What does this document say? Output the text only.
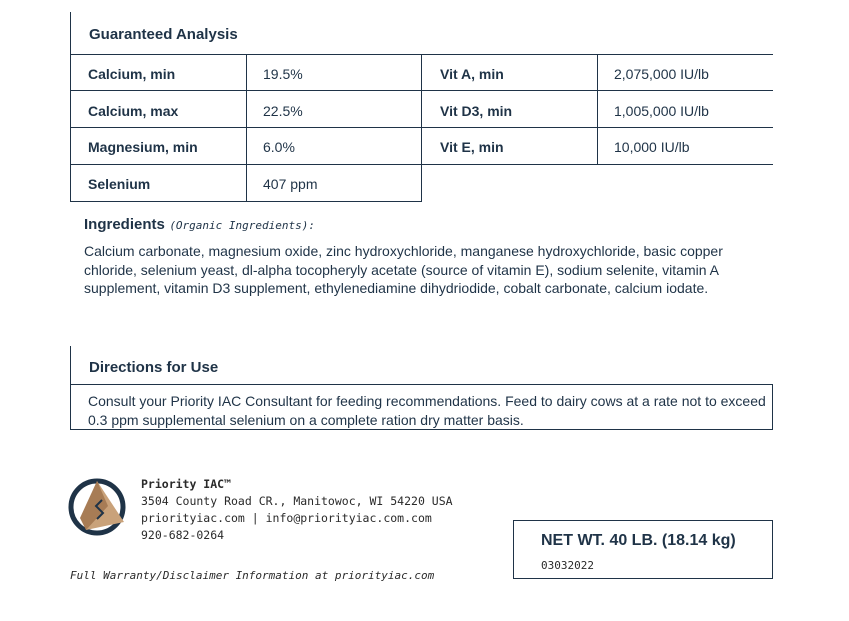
Guaranteed Analysis
Calcium, min	19.5%	Vit A, min	2,075,000 IU/lb
Calcium, max	22.5%	Vit D3, min	1,005,000 IU/lb
Magnesium, min	6.0%	Vit E, min	10,000 IU/lb
Selenium	407 ppm
Ingredients (Organic Ingredients):
Calcium carbonate, magnesium oxide, zinc hydroxychloride, manganese hydroxychloride, basic copper chloride, selenium yeast, dl-alpha tocopheryly acetate (source of vitamin E), sodium selenite, vitamin A supplement, vitamin D3 supplement, ethylenediamine dihydriodide, cobalt carbonate, calcium iodate.
Directions for Use
Consult your Priority IAC Consultant for feeding recommendations. Feed to dairy cows at a rate not to exceed 0.3 ppm supplemental selenium on a complete ration dry matter basis.
Priority IAC™
3504 County Road CR., Manitowoc, WI 54220 USA
priorityiac.com | info@priorityiac.com.com
920-682-0264
Full Warranty/Disclaimer Information at priorityiac.com
NET WT. 40 LB. (18.14 kg)
03032022
